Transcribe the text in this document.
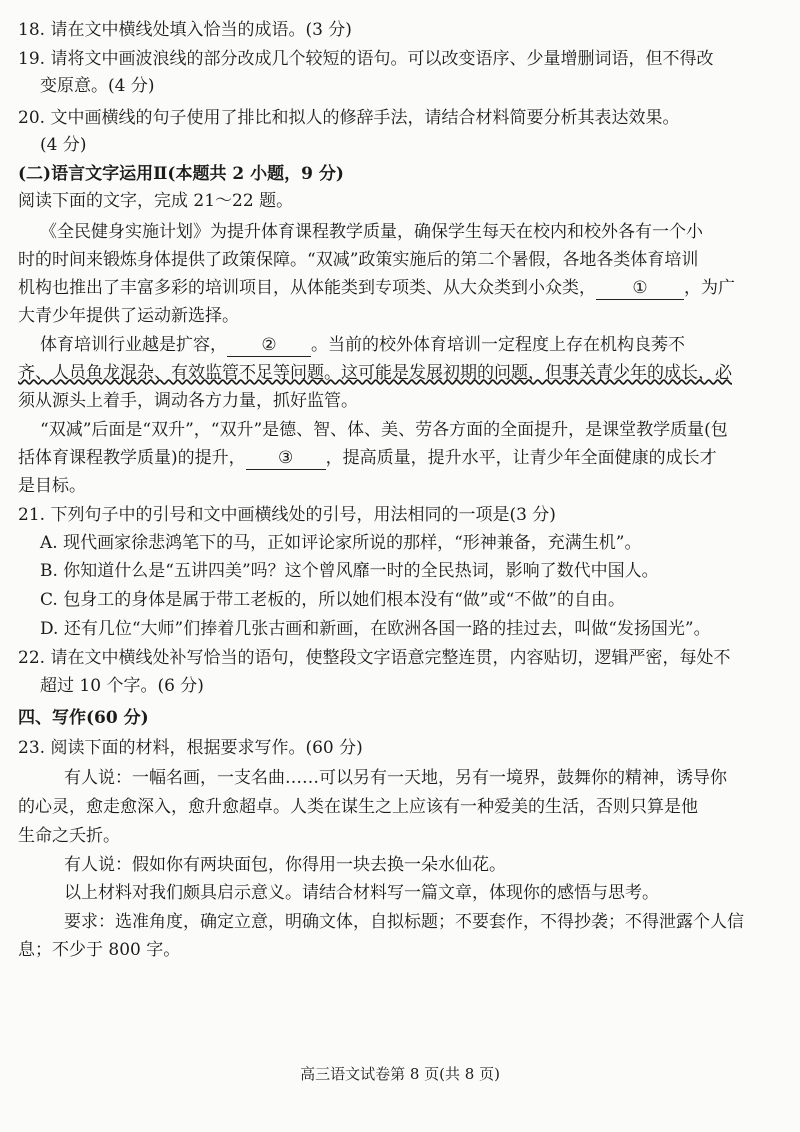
18. 请在文中横线处填入恰当的成语。(3 分)
19. 请将文中画波浪线的部分改成几个较短的语句。可以改变语序、少量增删词语，但不得改
变原意。(4 分)
20. 文中画横线的句子使用了排比和拟人的修辞手法，请结合材料简要分析其表达效果。
(4 分)
(二)语言文字运用Ⅱ(本题共 2 小题，9 分)
阅读下面的文字，完成 21～22 题。
《全民健身实施计划》为提升体育课程教学质量，确保学生每天在校内和校外各有一个小
时的时间来锻炼身体提供了政策保障。“双减”政策实施后的第二个暑假，各地各类体育培训
机构也推出了丰富多彩的培训项目，从体能类到专项类、从大众类到小众类， ① ，为广
大青少年提供了运动新选择。
体育培训行业越是扩容， ② 。当前的校外体育培训一定程度上存在机构良莠不
齐、人员鱼龙混杂、有效监管不足等问题。这可能是发展初期的问题，但事关青少年的成长，必
须从源头上着手，调动各方力量，抓好监管。
“双减”后面是“双升”，“双升”是德、智、体、美、劳各方面的全面提升，是课堂教学质量(包
括体育课程教学质量)的提升， ③ ，提高质量，提升水平，让青少年全面健康的成长才
是目标。
21. 下列句子中的引号和文中画横线处的引号，用法相同的一项是(3 分)
A. 现代画家徐悲鸿笔下的马，正如评论家所说的那样，“形神兼备，充满生机”。
B. 你知道什么是“五讲四美”吗？这个曾风靡一时的全民热词，影响了数代中国人。
C. 包身工的身体是属于带工老板的，所以她们根本没有“做”或“不做”的自由。
D. 还有几位“大师”们捧着几张古画和新画，在欧洲各国一路的挂过去，叫做“发扬国光”。
22. 请在文中横线处补写恰当的语句，使整段文字语意完整连贯，内容贴切，逻辑严密，每处不
超过 10 个字。(6 分)
四、写作(60 分)
23. 阅读下面的材料，根据要求写作。(60 分)
有人说：一幅名画，一支名曲……可以另有一天地，另有一境界，鼓舞你的精神，诱导你
的心灵，愈走愈深入，愈升愈超卓。人类在谋生之上应该有一种爱美的生活，否则只算是他
生命之夭折。
有人说：假如你有两块面包，你得用一块去换一朵水仙花。
以上材料对我们颇具启示意义。请结合材料写一篇文章，体现你的感悟与思考。
要求：选准角度，确定立意，明确文体，自拟标题；不要套作，不得抄袭；不得泄露个人信
息；不少于 800 字。
高三语文试卷第 8 页(共 8 页)
